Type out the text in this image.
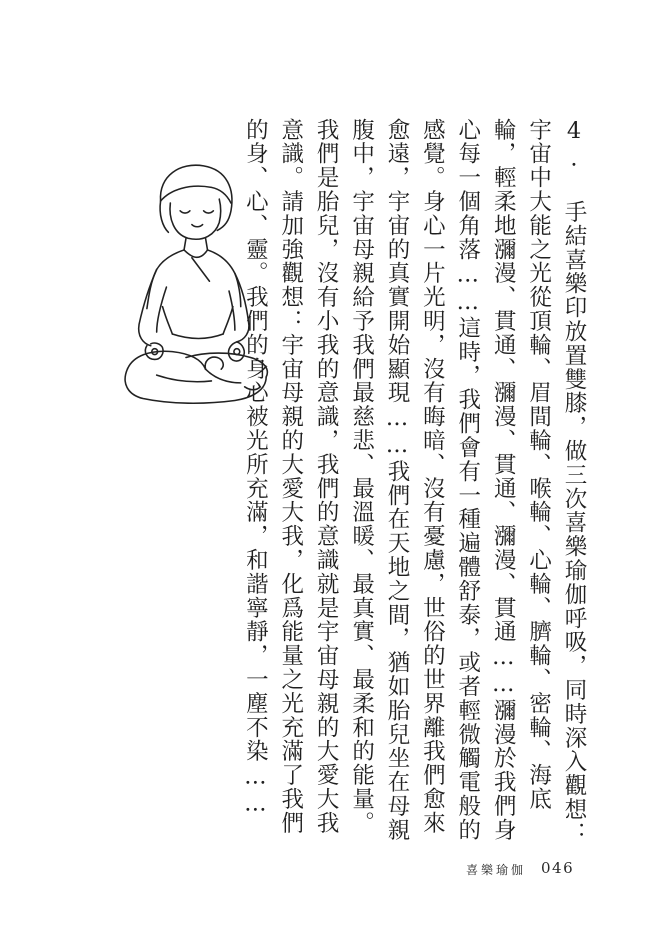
4. 手結喜樂印放置雙膝，做三次喜樂瑜伽呼吸，同時深入觀想：宇宙中大能之光從頂輪、眉間輪、喉輪、心輪、臍輪、密輪、海底輪，輕柔地瀰漫、貫通、瀰漫、貫通、瀰漫、貫通……瀰漫於我們身心每一個角落……這時，我們會有一種遍體舒泰，或者輕微觸電般的感覺。身心一片光明，沒有晦暗、沒有憂慮，世俗的世界離我們愈來愈遠，宇宙的真實開始顯現……我們在天地之間，猶如胎兒坐在母親腹中，宇宙母親給予我們最慈悲、最溫暖、最真實、最柔和的能量。我們是胎兒，沒有小我的意識，我們的意識就是宇宙母親的大愛大我意識。請加強觀想：宇宙母親的大愛大我，化爲能量之光充滿了我們的身、心、靈。我們的身心被光所充滿，和諧寧靜，一塵不染……

喜樂瑜伽 046
